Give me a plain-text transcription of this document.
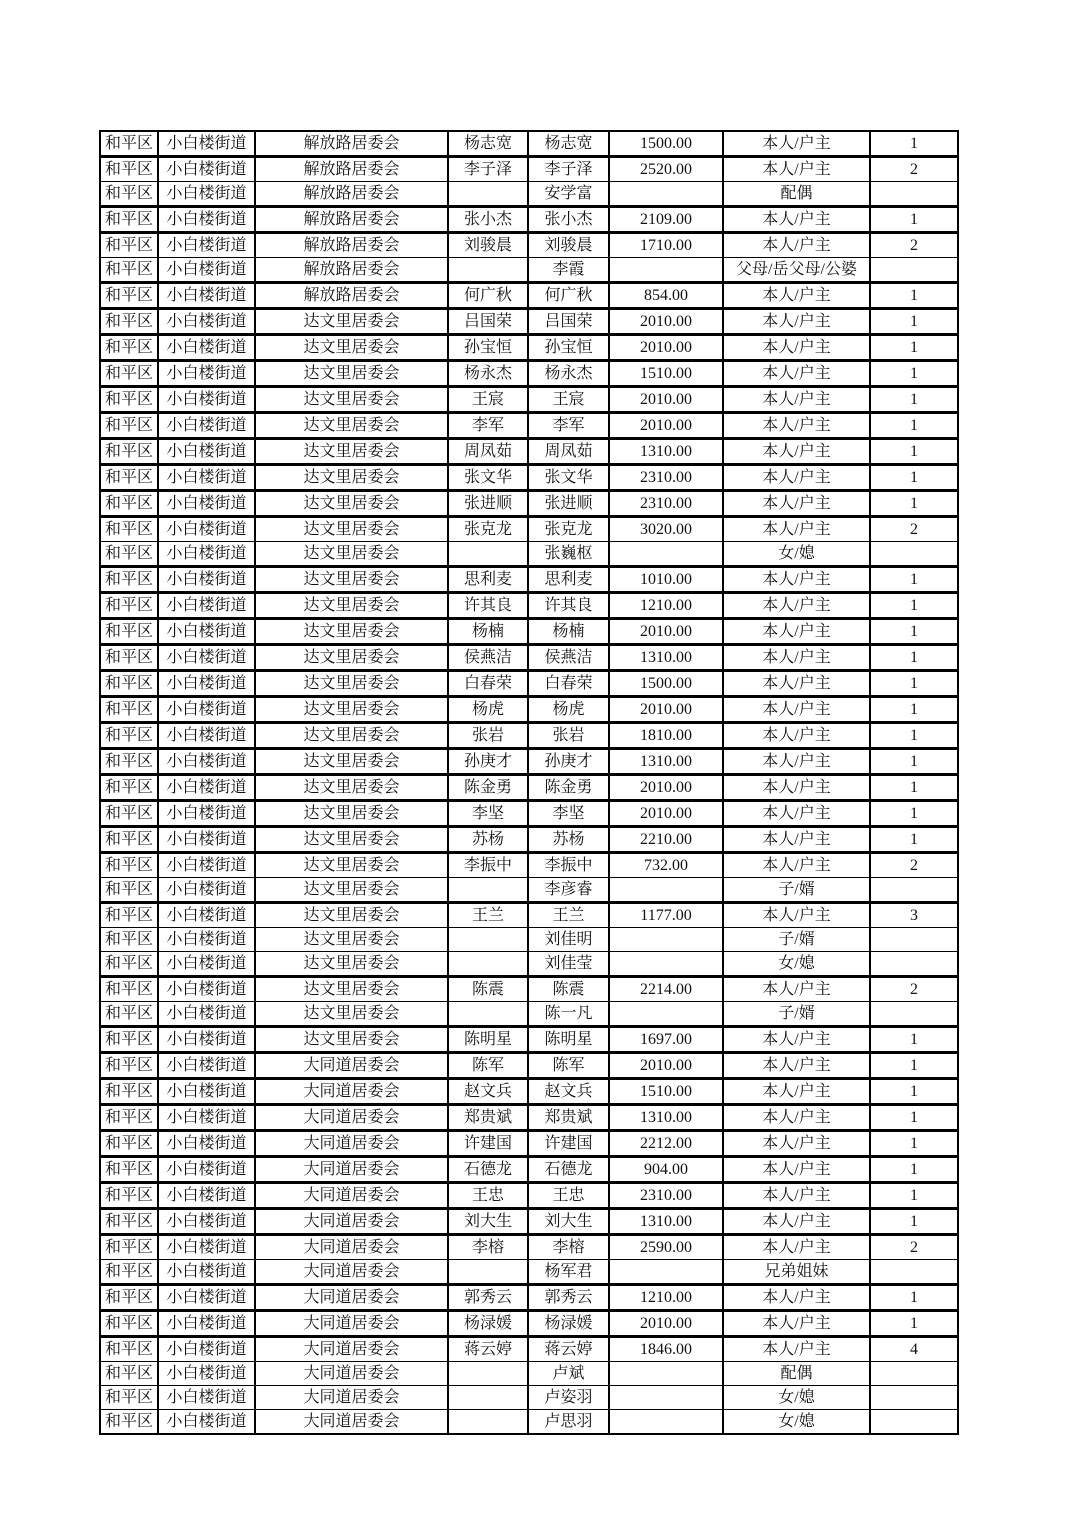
和平区	小白楼街道	解放路居委会	杨志宽	杨志宽	1500.00	本人/户主	1
和平区	小白楼街道	解放路居委会	李子泽	李子泽	2520.00	本人/户主	2
和平区	小白楼街道	解放路居委会		安学富		配偶	
和平区	小白楼街道	解放路居委会	张小杰	张小杰	2109.00	本人/户主	1
和平区	小白楼街道	解放路居委会	刘骏晨	刘骏晨	1710.00	本人/户主	2
和平区	小白楼街道	解放路居委会		李霞		父母/岳父母/公婆	
和平区	小白楼街道	解放路居委会	何广秋	何广秋	854.00	本人/户主	1
和平区	小白楼街道	达文里居委会	吕国荣	吕国荣	2010.00	本人/户主	1
和平区	小白楼街道	达文里居委会	孙宝恒	孙宝恒	2010.00	本人/户主	1
和平区	小白楼街道	达文里居委会	杨永杰	杨永杰	1510.00	本人/户主	1
和平区	小白楼街道	达文里居委会	王宸	王宸	2010.00	本人/户主	1
和平区	小白楼街道	达文里居委会	李军	李军	2010.00	本人/户主	1
和平区	小白楼街道	达文里居委会	周凤茹	周凤茹	1310.00	本人/户主	1
和平区	小白楼街道	达文里居委会	张文华	张文华	2310.00	本人/户主	1
和平区	小白楼街道	达文里居委会	张进顺	张进顺	2310.00	本人/户主	1
和平区	小白楼街道	达文里居委会	张克龙	张克龙	3020.00	本人/户主	2
和平区	小白楼街道	达文里居委会		张巍枢		女/媳	
和平区	小白楼街道	达文里居委会	思利麦	思利麦	1010.00	本人/户主	1
和平区	小白楼街道	达文里居委会	许其良	许其良	1210.00	本人/户主	1
和平区	小白楼街道	达文里居委会	杨楠	杨楠	2010.00	本人/户主	1
和平区	小白楼街道	达文里居委会	侯燕洁	侯燕洁	1310.00	本人/户主	1
和平区	小白楼街道	达文里居委会	白春荣	白春荣	1500.00	本人/户主	1
和平区	小白楼街道	达文里居委会	杨虎	杨虎	2010.00	本人/户主	1
和平区	小白楼街道	达文里居委会	张岩	张岩	1810.00	本人/户主	1
和平区	小白楼街道	达文里居委会	孙庚才	孙庚才	1310.00	本人/户主	1
和平区	小白楼街道	达文里居委会	陈金勇	陈金勇	2010.00	本人/户主	1
和平区	小白楼街道	达文里居委会	李坚	李坚	2010.00	本人/户主	1
和平区	小白楼街道	达文里居委会	苏杨	苏杨	2210.00	本人/户主	1
和平区	小白楼街道	达文里居委会	李振中	李振中	732.00	本人/户主	2
和平区	小白楼街道	达文里居委会		李彦睿		子/婿	
和平区	小白楼街道	达文里居委会	王兰	王兰	1177.00	本人/户主	3
和平区	小白楼街道	达文里居委会		刘佳明		子/婿	
和平区	小白楼街道	达文里居委会		刘佳莹		女/媳	
和平区	小白楼街道	达文里居委会	陈震	陈震	2214.00	本人/户主	2
和平区	小白楼街道	达文里居委会		陈一凡		子/婿	
和平区	小白楼街道	达文里居委会	陈明星	陈明星	1697.00	本人/户主	1
和平区	小白楼街道	大同道居委会	陈军	陈军	2010.00	本人/户主	1
和平区	小白楼街道	大同道居委会	赵文兵	赵文兵	1510.00	本人/户主	1
和平区	小白楼街道	大同道居委会	郑贵斌	郑贵斌	1310.00	本人/户主	1
和平区	小白楼街道	大同道居委会	许建国	许建国	2212.00	本人/户主	1
和平区	小白楼街道	大同道居委会	石德龙	石德龙	904.00	本人/户主	1
和平区	小白楼街道	大同道居委会	王忠	王忠	2310.00	本人/户主	1
和平区	小白楼街道	大同道居委会	刘大生	刘大生	1310.00	本人/户主	1
和平区	小白楼街道	大同道居委会	李榕	李榕	2590.00	本人/户主	2
和平区	小白楼街道	大同道居委会		杨军君		兄弟姐妹	
和平区	小白楼街道	大同道居委会	郭秀云	郭秀云	1210.00	本人/户主	1
和平区	小白楼街道	大同道居委会	杨渌媛	杨渌媛	2010.00	本人/户主	1
和平区	小白楼街道	大同道居委会	蒋云婷	蒋云婷	1846.00	本人/户主	4
和平区	小白楼街道	大同道居委会		卢斌		配偶	
和平区	小白楼街道	大同道居委会		卢姿羽		女/媳	
和平区	小白楼街道	大同道居委会		卢思羽		女/媳	
